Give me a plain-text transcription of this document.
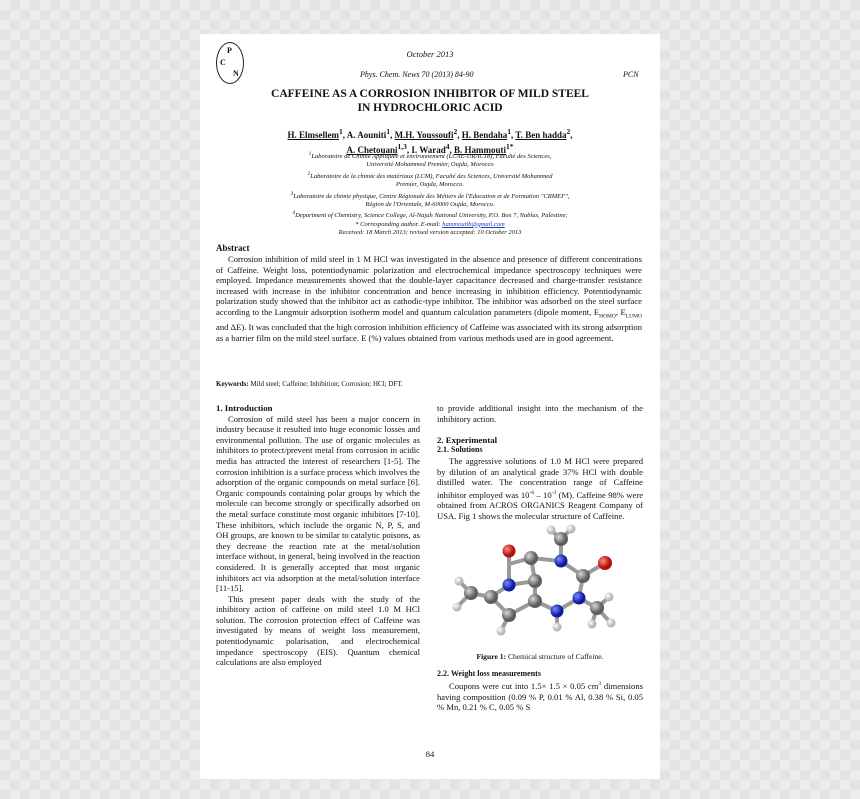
P
C
N
October 2013
Phys. Chem. News 70 (2013) 84-90	PCN
CAFFEINE AS A CORROSION INHIBITOR OF MILD STEEL
IN HYDROCHLORIC ACID
H. Elmsellem$^1$, A. Aouniti$^1$, M.H. Youssoufi$^2$, H. Bendaha$^1$, T. Ben hadda$^2$,
A. Chetouani$^{1,3}$, I. Warad$^4$, B. Hammouti$^{1*}$
$^1$Laboratoire de Chimie Appliquée et environnement (LCAE-URAC18), Faculté des Sciences,
Université Mohammed Premier, Oujda, Morocco
$^2$Laboratoire de la chimie des matériaux (LCM), Faculté des Sciences, Université Mohammed
Premier, Oujda, Morocco.
$^3$Laboratoire de chimie physique, Centre Régionale des Métiers de l'Education et de Formation "CRMEF",
Région de l'Orientale, M-60000 Oujda, Morocco.
$^4$Department of Chemistry, Science College, Al-Najah National University, P.O. Box 7, Nablus, Palestine;
* Corresponding author. E-mail: hammoutib@gmail.com
Received: 18 March 2013; revised version accepted: 10 October 2013
Abstract
Corrosion inhibition of mild steel in 1 M HCl was investigated in the absence and presence of different concentrations of Caffeine. Weight loss, potentiodynamic polarization and electrochemical impedance spectroscopy techniques were employed. Impedance measurements showed that the double-layer capacitance decreased and charge-transfer resistance increased with increase in the inhibitor concentration and hence increasing in inhibition efficiency. Potentiodynamic polarization study showed that the inhibitor act as cathodic-type inhibitor. The inhibitor was adsorbed on the steel surface according to the Langmuir adsorption isotherm model and quantum calculation parameters (dipole moment, $E_{HOMO}$, $E_{LUMO}$ and ΔE). It was concluded that the high corrosion inhibition efficiency of Caffeine was associated with its strong adsorption as a barrier film on the mild steel surface. E (%) values obtained from various methods used are in good agreement.
Keywords: Mild steel; Caffeine; Inhibition; Corrosion; HCl; DFT.

1. Introduction

Corrosion of mild steel has been a major concern in industry because it resulted into huge economic losses and environmental pollution. The use of organic molecules as inhibitors to protect/prevent metal from corrosion in acidic media has attracted the interest of researchers [1-5]. The corrosion inhibition is a surface process which involves the adsorption of the organic compounds on metal surface [6]. Organic compounds containing polar groups by which the molecule can become strongly or specifically adsorbed on the metal surface constitute most organic inhibitors [7-10]. These inhibitors, which include the organic N, P, S, and OH groups, are known to be similar to catalytic poisons, as they decrease the reaction rate at the metal/solution interface without, in general, being involved in the reaction considered. It is generally accepted that most organic inhibitors act via adsorption at the metal/solution interface [11-15].

This present paper deals with the study of the inhibitory action of caffeine on mild steel 1.0 M HCl solution. The corrosion protection effect of Caffeine was investigated by means of weight loss measurement, potentiodynamic polarisation, and electrochemical impedance spectroscopy (EIS). Quantum chemical calculations are also employed

to provide additional insight into the mechanism of the inhibitory action.

2. Experimental

2.1. Solutions

The aggressive solutions of 1.0 M HCl were prepared by dilution of an analytical grade 37% HCl with double distilled water. The concentration range of Caffeine inhibitor employed was $10^{-6} - 10^{-3}$ (M). Caffeine 98% were obtained from ACROS ORGANICS Reagent Company of USA. Fig 1 shows the molecular structure of Caffeine.

Figure 1: Chemical structure of Caffeine.

2.2. Weight loss measurements

Coupons were cut into 1.5× 1.5 × 0.05 $cm^3$ dimensions having composition (0.09 % P, 0.01 % Al, 0.38 % Si, 0.05 % Mn, 0.21 % C, 0.05 % S

84
